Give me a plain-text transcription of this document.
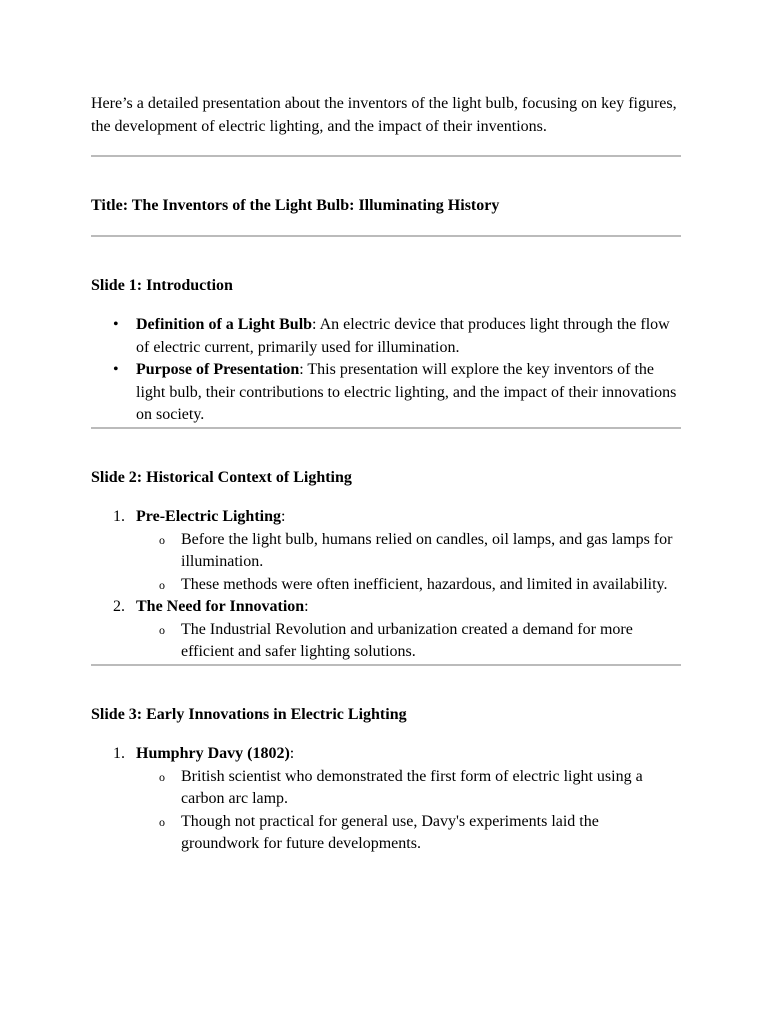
Here’s a detailed presentation about the inventors of the light bulb, focusing on key figures, the development of electric lighting, and the impact of their inventions.

Title: The Inventors of the Light Bulb: Illuminating History

Slide 1: Introduction

• Definition of a Light Bulb: An electric device that produces light through the flow of electric current, primarily used for illumination.
• Purpose of Presentation: This presentation will explore the key inventors of the light bulb, their contributions to electric lighting, and the impact of their innovations on society.

Slide 2: Historical Context of Lighting

1. Pre-Electric Lighting:
o Before the light bulb, humans relied on candles, oil lamps, and gas lamps for illumination.
o These methods were often inefficient, hazardous, and limited in availability.
2. The Need for Innovation:
o The Industrial Revolution and urbanization created a demand for more efficient and safer lighting solutions.

Slide 3: Early Innovations in Electric Lighting

1. Humphry Davy (1802):
o British scientist who demonstrated the first form of electric light using a carbon arc lamp.
o Though not practical for general use, Davy's experiments laid the groundwork for future developments.
